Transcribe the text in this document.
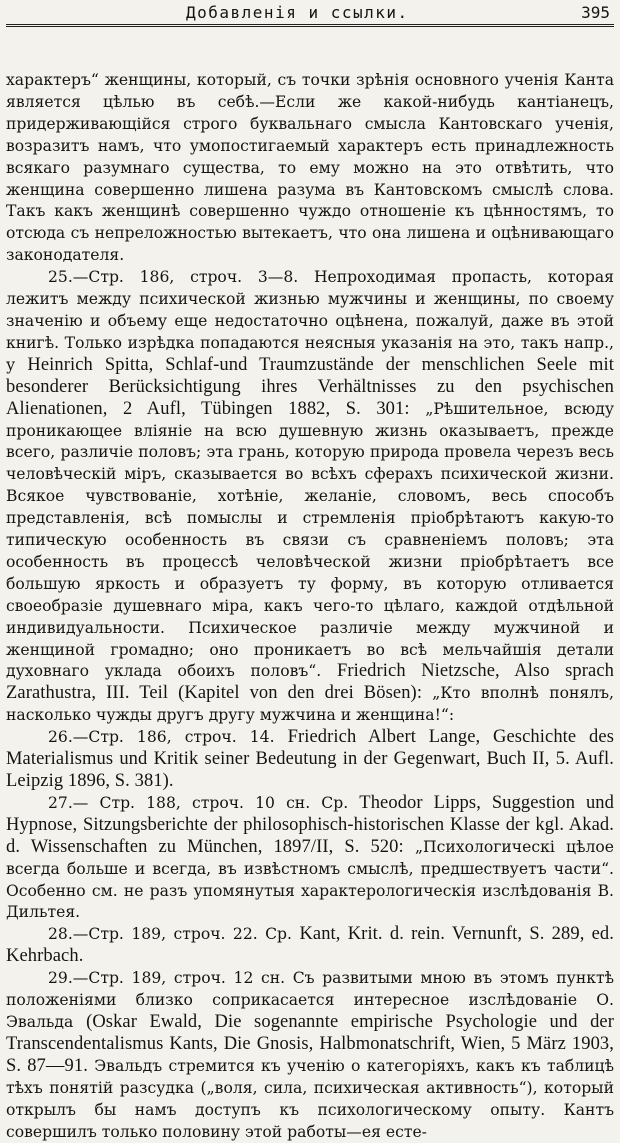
Добавленія и ссылки.	395

характеръ“ женщины, который, съ точки зрѣнія основного ученія Канта является цѣлью въ себѣ.—Если же какой-нибудь кантіанецъ, придерживающійся строго буквальнаго смысла Кантовскаго ученія, возразитъ намъ, что умопостигаемый характеръ есть принадлежность всякаго разумнаго существа, то ему можно на это отвѣтить, что женщина совершенно лишена разума въ Кантовскомъ смыслѣ слова. Такъ какъ женщинѣ совершенно чуждо отношеніе къ цѣнностямъ, то отсюда съ непреложностью вытекаетъ, что она лишена и оцѣнивающаго законодателя.

25.—Стр. 186, строч. 3—8. Непроходимая пропасть, которая лежитъ между психической жизнью мужчины и женщины, по своему значенію и объему еще недостаточно оцѣнена, пожалуй, даже въ этой книгѣ. Только изрѣдка попадаются неясныя указанія на это, такъ напр., у Heinrich Spitta, Schlaf-und Traumzustände der menschlichen Seele mit besonderer Berücksichtigung ihres Verhältnisses zu den psychischen Alienationen, 2 Aufl, Tübingen 1882, S. 301: „Рѣшительное, всюду проникающее вліяніе на всю душевную жизнь оказываетъ, прежде всего, различіе половъ; эта грань, которую природа провела черезъ весь человѣческій міръ, сказывается во всѣхъ сферахъ психической жизни. Всякое чувствованіе, хотѣніе, желаніе, словомъ, весь способъ представленія, всѣ помыслы и стремленія пріобрѣтаютъ какую-то типическую особенность въ связи съ сравненіемъ половъ; эта особенность въ процессѣ человѣческой жизни пріобрѣтаетъ все большую яркость и образуетъ ту форму, въ которую отливается своеобразіе душевнаго міра, какъ чего-то цѣлаго, каждой отдѣльной индивидуальности. Психическое различіе между мужчиной и женщиной громадно; оно проникаетъ во всѣ мельчайшія детали духовнаго уклада обоихъ половъ“. Friedrich Nietzsche, Also sprach Zarathustra, III. Teil (Kapitel von den drei Bösen): „Кто вполнѣ понялъ, насколько чужды другъ другу мужчина и женщина!“:

26.—Стр. 186, строч. 14. Friedrich Albert Lange, Geschichte des Materialismus und Kritik seiner Bedeutung in der Gegenwart, Buch II, 5. Aufl. Leipzig 1896, S. 381).

27.— Стр. 188, строч. 10 сн. Ср. Theodor Lipps, Suggestion und Hypnose, Sitzungsberichte der philosophisch-historischen Klasse der kgl. Akad. d. Wissenschaften zu München, 1897/II, S. 520: „Психологическі цѣлое всегда больше и всегда, въ извѣстномъ смыслѣ, предшествуетъ части“. Особенно см. не разъ упомянутыя характерологическія изслѣдованія В. Дильтея.

28.—Стр. 189, строч. 22. Ср. Kant, Krit. d. rein. Vernunft, S. 289, ed. Kehrbach.

29.—Стр. 189, строч. 12 сн. Съ развитыми мною въ этомъ пунктѣ положеніями близко соприкасается интересное изслѣдованіе О. Эвальда (Oskar Ewald, Die sogenannte empirische Psychologie und der Transcendentalismus Kants, Die Gnosis, Halbmonatschrift, Wien, 5 März 1903, S. 87—91. Эвальдъ стремится къ ученію о категоріяхъ, какъ къ таблицѣ тѣхъ понятій разсудка („воля, сила, психическая активность“), который открылъ бы намъ доступъ къ психологическому опыту. Кантъ совершилъ только половину этой работы—ея есте-
